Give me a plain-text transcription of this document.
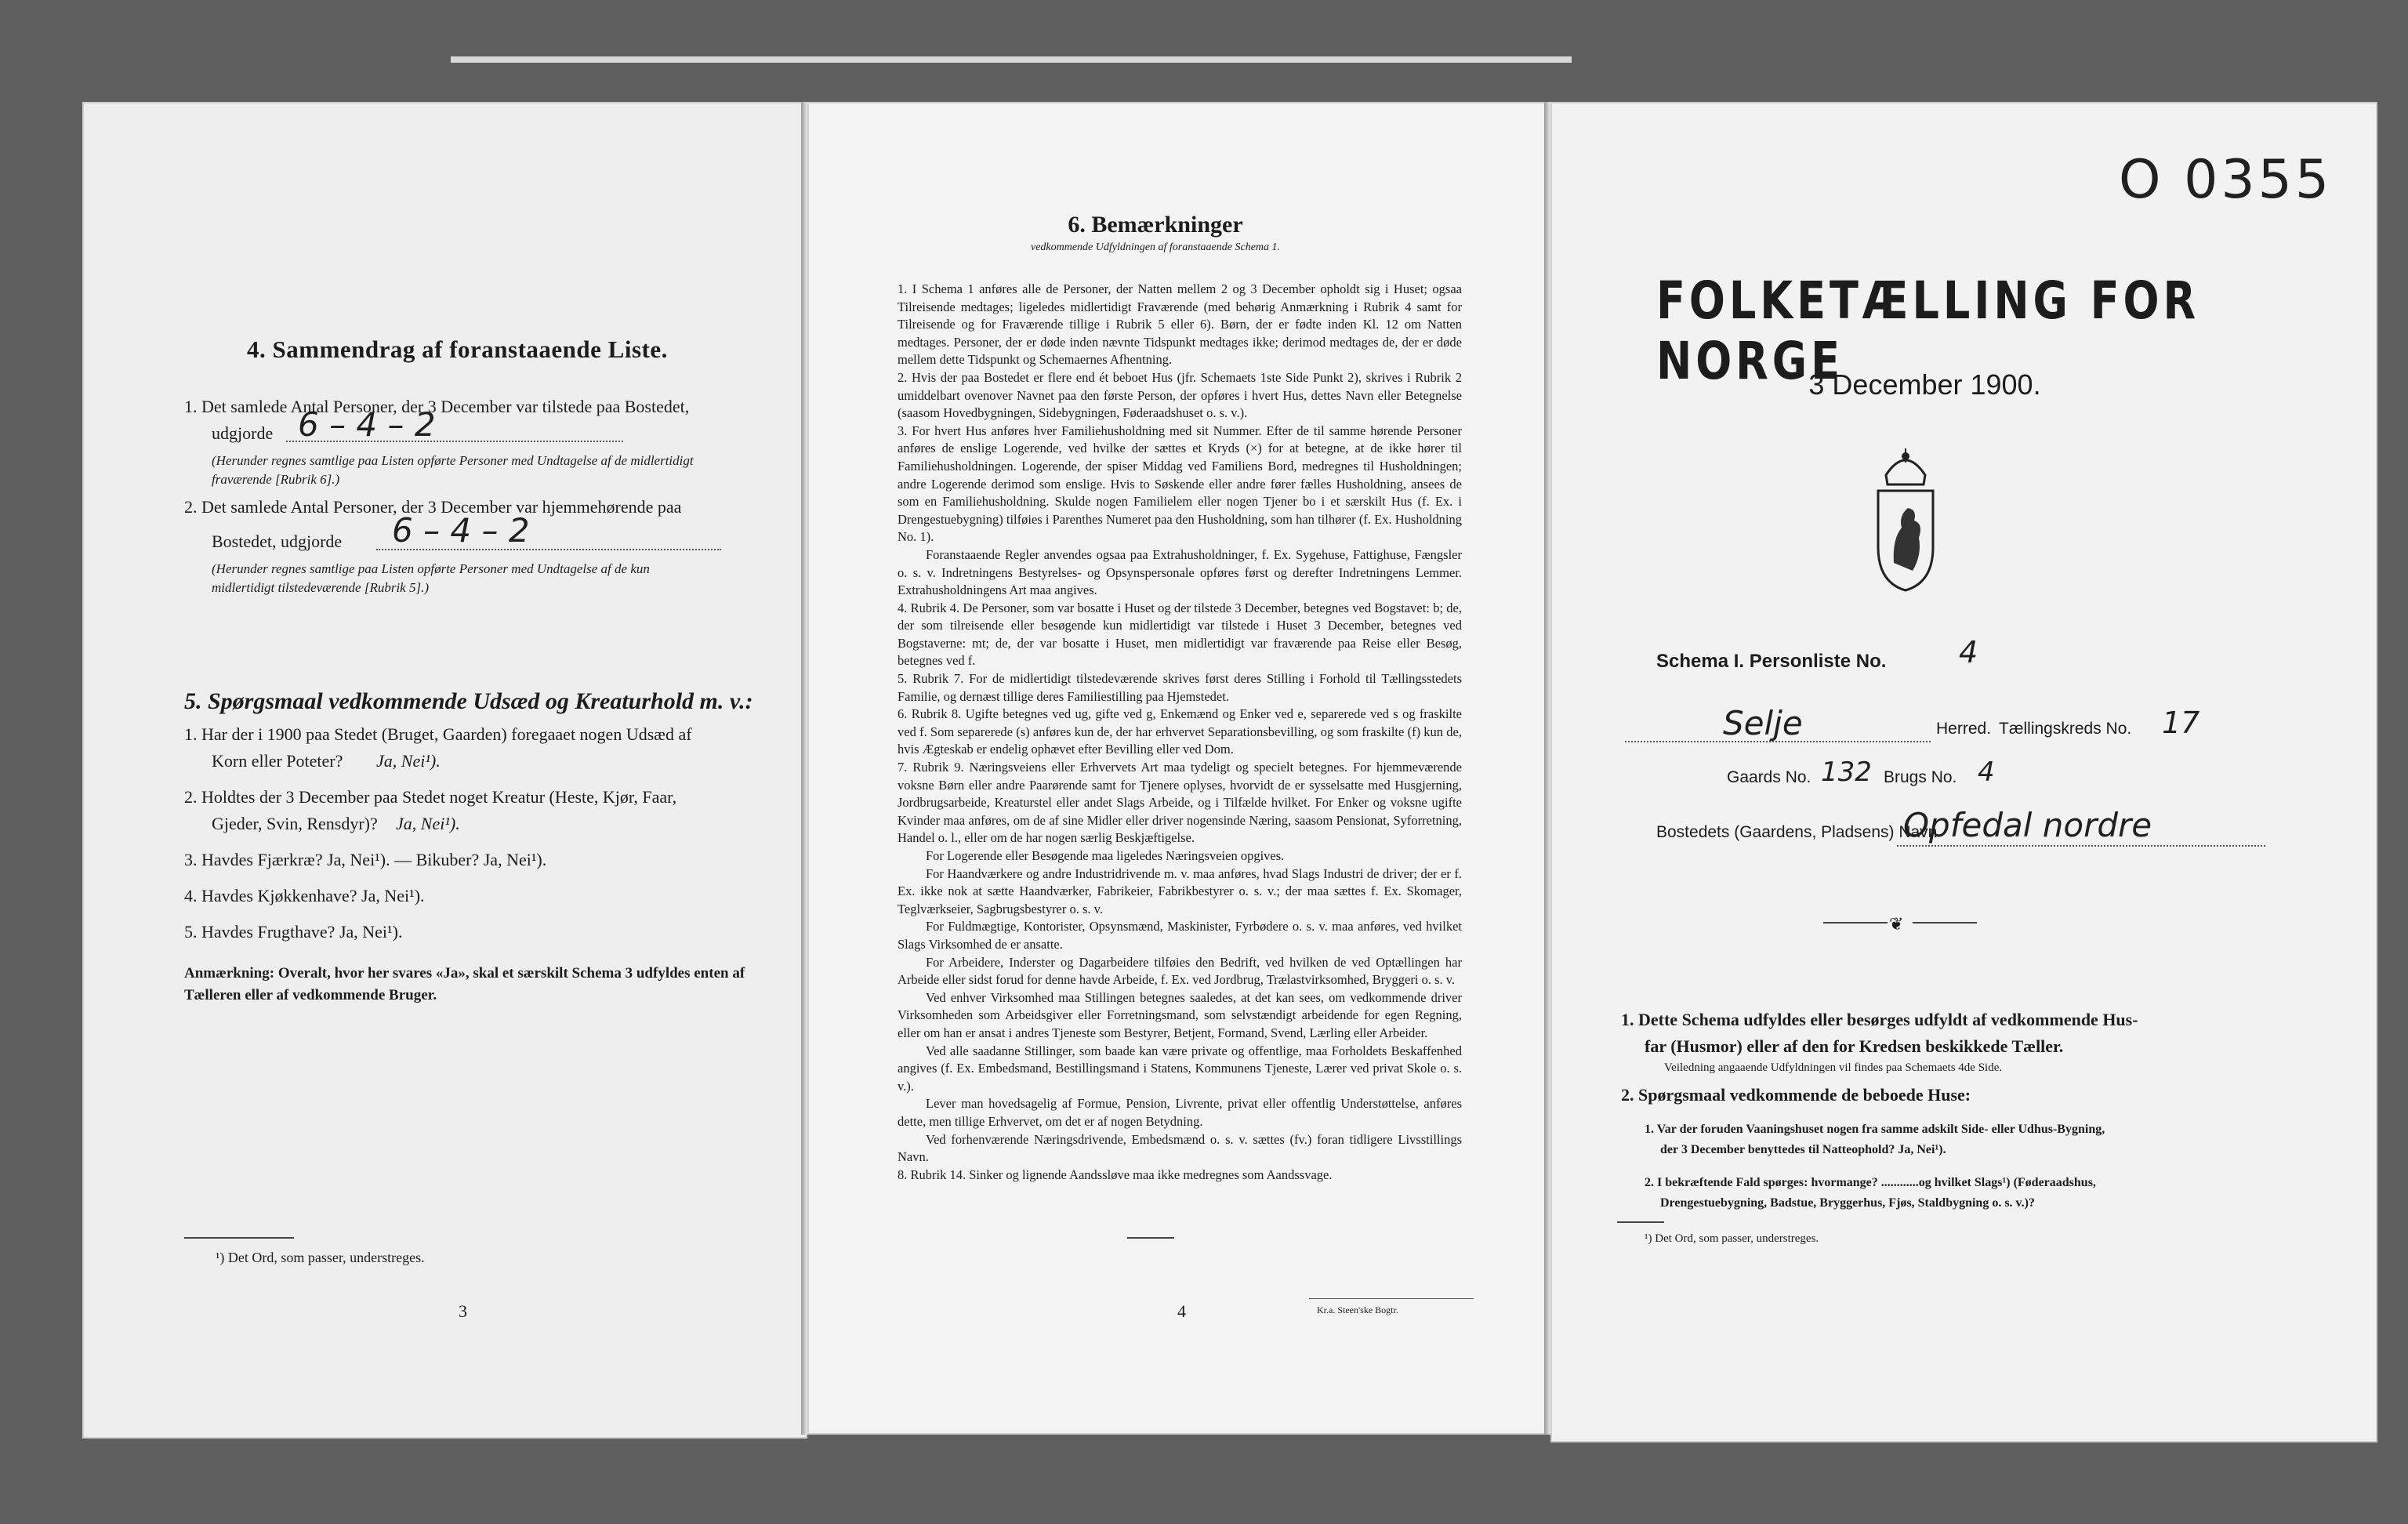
4. Sammendrag af foranstaaende Liste.
1. Det samlede Antal Personer, der 3 December var tilstede paa Bostedet,
udgjorde 6 – 4 – 2
(Herunder regnes samtlige paa Listen opførte Personer med Undtagelse af de midlertidigt
fraværende [Rubrik 6].)
2. Det samlede Antal Personer, der 3 December var hjemmehørende paa
Bostedet, udgjorde 6 – 4 – 2
(Herunder regnes samtlige paa Listen opførte Personer med Undtagelse af de kun
midlertidigt tilstedeværende [Rubrik 5].)
5. Spørgsmaal vedkommende Udsæd og Kreaturhold m. v.:
1. Har der i 1900 paa Stedet (Bruget, Gaarden) foregaaet nogen Udsæd af
Korn eller Poteter? Ja, Nei¹).
2. Holdtes der 3 December paa Stedet noget Kreatur (Heste, Kjør, Faar,
Gjeder, Svin, Rensdyr)? Ja, Nei¹).
3. Havdes Fjærkræ? Ja, Nei¹). — Bikuber? Ja, Nei¹).
4. Havdes Kjøkkenhave? Ja, Nei¹).
5. Havdes Frugthave? Ja, Nei¹).
Anmærkning: Overalt, hvor her svares «Ja», skal et særskilt Schema 3 udfyldes enten af
Tælleren eller af vedkommende Bruger.
¹) Det Ord, som passer, understreges.
3
6. Bemærkninger
vedkommende Udfyldningen af foranstaaende Schema 1.

1. I Schema 1 anføres alle de Personer, der Natten mellem 2 og 3 December opholdt sig i Huset; ogsaa Tilreisende medtages; ligeledes midlertidigt Fraværende (med behørig Anmærkning i Rubrik 4 samt for Tilreisende og for Fraværende tillige i Rubrik 5 eller 6). Børn, der er fødte inden Kl. 12 om Natten medtages. Personer, der er døde inden nævnte Tidspunkt medtages ikke; derimod medtages de, der er døde mellem dette Tidspunkt og Schemaernes Afhentning.

2. Hvis der paa Bostedet er flere end ét beboet Hus (jfr. Schemaets 1ste Side Punkt 2), skrives i Rubrik 2 umiddelbart ovenover Navnet paa den første Person, der opføres i hvert Hus, dettes Navn eller Betegnelse (saasom Hovedbygningen, Sidebygningen, Føderaadshuset o. s. v.).

3. For hvert Hus anføres hver Familiehusholdning med sit Nummer. Efter de til samme hørende Personer anføres de enslige Logerende, ved hvilke der sættes et Kryds (×) for at betegne, at de ikke hører til Familiehusholdningen. Logerende, der spiser Middag ved Familiens Bord, medregnes til Husholdningen; andre Logerende derimod som enslige. Hvis to Søskende eller andre fører fælles Husholdning, ansees de som en Familiehusholdning. Skulde nogen Familielem eller nogen Tjener bo i et særskilt Hus (f. Ex. i Drengestuebygning) tilføies i Parenthes Numeret paa den Husholdning, som han tilhører (f. Ex. Husholdning No. 1).

Foranstaaende Regler anvendes ogsaa paa Extrahusholdninger, f. Ex. Sygehuse, Fattighuse, Fængsler o. s. v. Indretningens Bestyrelses- og Opsynspersonale opføres først og derefter Indretningens Lemmer. Extrahusholdningens Art maa angives.

4. Rubrik 4. De Personer, som var bosatte i Huset og der tilstede 3 December, betegnes ved Bogstavet: b; de, der som tilreisende eller besøgende kun midlertidigt var tilstede i Huset 3 December, betegnes ved Bogstaverne: mt; de, der var bosatte i Huset, men midlertidigt var fraværende paa Reise eller Besøg, betegnes ved f.

5. Rubrik 7. For de midlertidigt tilstedeværende skrives først deres Stilling i Forhold til Tællingsstedets Familie, og dernæst tillige deres Familiestilling paa Hjemstedet.

6. Rubrik 8. Ugifte betegnes ved ug, gifte ved g, Enkemænd og Enker ved e, separerede ved s og fraskilte ved f. Som separerede (s) anføres kun de, der har erhvervet Separationsbevilling, og som fraskilte (f) kun de, hvis Ægteskab er endelig ophævet efter Bevilling eller ved Dom.

7. Rubrik 9. Næringsveiens eller Erhvervets Art maa tydeligt og specielt betegnes. For hjemmeværende voksne Børn eller andre Paarørende samt for Tjenere oplyses, hvorvidt de er sysselsatte med Husgjerning, Jordbrugsarbeide, Kreaturstel eller andet Slags Arbeide, og i Tilfælde hvilket. For Enker og voksne ugifte Kvinder maa anføres, om de af sine Midler eller driver nogensinde Næring, saasom Pensionat, Syforretning, Handel o. l., eller om de har nogen særlig Beskjæftigelse.

For Logerende eller Besøgende maa ligeledes Næringsveien opgives.

For Haandværkere og andre Industridrivende m. v. maa anføres, hvad Slags Industri de driver; der er f. Ex. ikke nok at sætte Haandværker, Fabrikeier, Fabrikbestyrer o. s. v.; der maa sættes f. Ex. Skomager, Teglværkseier, Sagbrugsbestyrer o. s. v.

For Fuldmægtige, Kontorister, Opsynsmænd, Maskinister, Fyrbødere o. s. v. maa anføres, ved hvilket Slags Virksomhed de er ansatte.

For Arbeidere, Inderster og Dagarbeidere tilføies den Bedrift, ved hvilken de ved Optællingen har Arbeide eller sidst forud for denne havde Arbeide, f. Ex. ved Jordbrug, Trælastvirksomhed, Bryggeri o. s. v.

Ved enhver Virksomhed maa Stillingen betegnes saaledes, at det kan sees, om vedkommende driver Virksomheden som Arbeidsgiver eller Forretningsmand, som selvstændigt arbeidende for egen Regning, eller om han er ansat i andres Tjeneste som Bestyrer, Betjent, Formand, Svend, Lærling eller Arbeider.

Ved alle saadanne Stillinger, som baade kan være private og offentlige, maa Forholdets Beskaffenhed angives (f. Ex. Embedsmand, Bestillingsmand i Statens, Kommunens Tjeneste, Lærer ved privat Skole o. s. v.).

Lever man hovedsagelig af Formue, Pension, Livrente, privat eller offentlig Understøttelse, anføres dette, men tillige Erhvervet, om det er af nogen Betydning.

Ved forhenværende Næringsdrivende, Embedsmænd o. s. v. sættes (fv.) foran tidligere Livsstillings Navn.

8. Rubrik 14. Sinker og lignende Aandssløve maa ikke medregnes som Aandssvage.

4	Kr.a. Steen'ske Bogtr.
O 0355
FOLKETÆLLING FOR NORGE
3 December 1900.
Schema I. Personliste No. 4
Selje	Herred. Tællingskreds No. 17
Gaards No. 132 Brugs No. 4
Bostedets (Gaardens, Pladsens) Navn
Opfedal nordre
❦
1. Dette Schema udfyldes eller besørges udfyldt af vedkommende Hus-
far (Husmor) eller af den for Kredsen beskikkede Tæller.
Veiledning angaaende Udfyldningen vil findes paa Schemaets 4de Side.
2. Spørgsmaal vedkommende de beboede Huse:
1. Var der foruden Vaaningshuset nogen fra samme adskilt Side- eller Udhus-Bygning,
der 3 December benyttedes til Natteophold? Ja, Nei¹).
2. I bekræftende Fald spørges: hvormange? ............og hvilket Slags¹) (Føderaadshus,
Drengestuebygning, Badstue, Bryggerhus, Fjøs, Staldbygning o. s. v.)?
¹) Det Ord, som passer, understreges.
